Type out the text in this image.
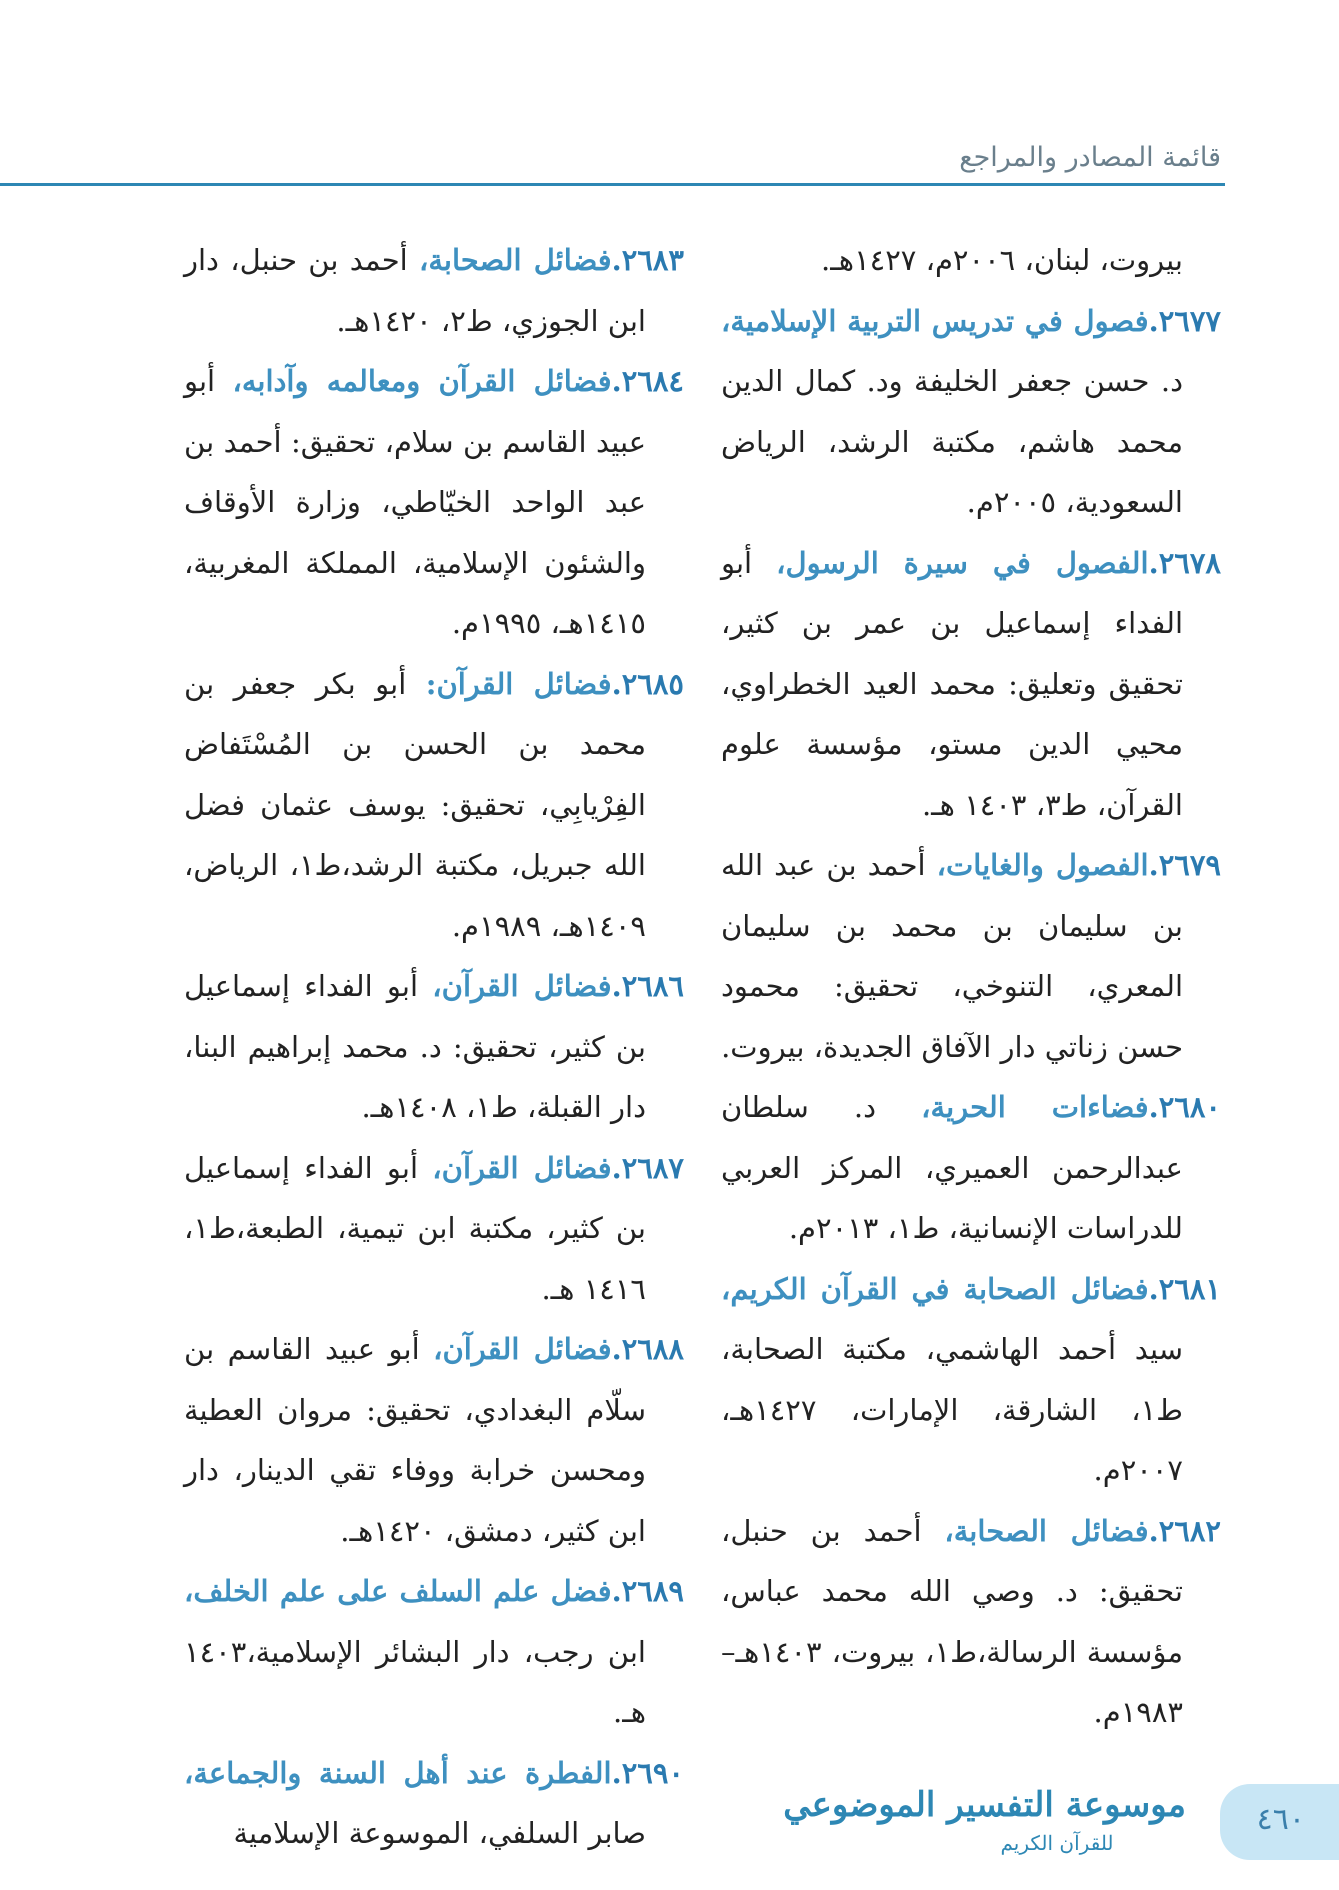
قائمة المصادر والمراجع

بيروت، لبنان، ٢٠٠٦م، ١٤٢٧هـ.

٢٦٧٧.فصول في تدريس التربية الإسلامية، د. حسن جعفر الخليفة ود. كمال الدين محمد هاشم، مكتبة الرشد، الرياض السعودية، ٢٠٠٥م.

٢٦٧٨.الفصول في سيرة الرسول، أبو الفداء إسماعيل بن عمر بن كثير، تحقيق وتعليق: محمد العيد الخطراوي، محيي الدين مستو، مؤسسة علوم القرآن، ط٣، ١٤٠٣ هـ.

٢٦٧٩.الفصول والغايات، أحمد بن عبد الله بن سليمان بن محمد بن سليمان المعري، التنوخي، تحقيق: محمود حسن زناتي دار الآفاق الجديدة، بيروت.

٢٦٨٠.فضاءات الحرية، د. سلطان عبدالرحمن العميري، المركز العربي للدراسات الإنسانية، ط١، ٢٠١٣م.

٢٦٨١.فضائل الصحابة في القرآن الكريم، سيد أحمد الهاشمي، مكتبة الصحابة، ط١، الشارقة، الإمارات، ١٤٢٧هـ، ٢٠٠٧م.

٢٦٨٢.فضائل الصحابة، أحمد بن حنبل، تحقيق: د. وصي الله محمد عباس، مؤسسة الرسالة،ط١، بيروت، ١٤٠٣هـ– ١٩٨٣م.

٢٦٨٣.فضائل الصحابة، أحمد بن حنبل، دار ابن الجوزي، ط٢، ١٤٢٠هـ.

٢٦٨٤.فضائل القرآن ومعالمه وآدابه، أبو عبيد القاسم بن سلام، تحقيق: أحمد بن عبد الواحد الخيّاطي، وزارة الأوقاف والشئون الإسلامية، المملكة المغربية، ١٤١٥هـ، ١٩٩٥م.

٢٦٨٥.فضائل القرآن: أبو بكر جعفر بن محمد بن الحسن بن المُسْتَفاض الفِرْيابِي، تحقيق: يوسف عثمان فضل الله جبريل، مكتبة الرشد،ط١، الرياض، ١٤٠٩هـ، ١٩٨٩م.

٢٦٨٦.فضائل القرآن، أبو الفداء إسماعيل بن كثير، تحقيق: د. محمد إبراهيم البنا، دار القبلة، ط١، ١٤٠٨هـ.

٢٦٨٧.فضائل القرآن، أبو الفداء إسماعيل بن كثير، مكتبة ابن تيمية، الطبعة،ط١، ١٤١٦ هـ.

٢٦٨٨.فضائل القرآن، أبو عبيد القاسم بن سلّام البغدادي، تحقيق: مروان العطية ومحسن خرابة ووفاء تقي الدينار، دار ابن كثير، دمشق، ١٤٢٠هـ.

٢٦٨٩.فضل علم السلف على علم الخلف، ابن رجب، دار البشائر الإسلامية،١٤٠٣ هـ.

٢٦٩٠.الفطرة عند أهل السنة والجماعة، صابر السلفي، الموسوعة الإسلامية

موسوعة التفسير الموضوعي
للقرآن الكريم
٤٦٠
